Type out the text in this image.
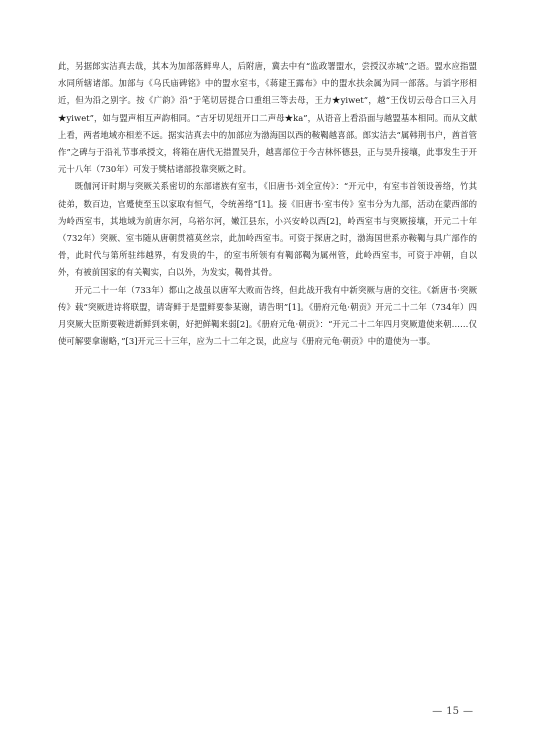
此，另据郎实洁真去哉，其本为加部落鲜卑人，后附唐，冀去中有“监政署盟水，尝授汉赤城”之语。盟水应指盟水同所辖诸部。加部与《乌氏庙碑铭》中的盟水室韦，《蒋建王露布》中的盟水扶余属为同一部落。与滔字形相近，但为沿之别字。按《广韵》沿“于笔切居提合口重组三等去母，王力★yiwet”，越“王伐切云母合口三入月★yiwet”，如与盟声相互声韵相同。“吉牙切见纽开口二声母★ka”，从语音上看沿面与越盟基本相同。而从文献上看，两者地域亦相差不远。据实洁真去中的加部应为渤海国以西的鞍鞨越喜部。郎实洁去“属韩荆书户，酋首管作”之碑与于沿礼节事承授文，将箱在唐代无措置吴升，越喜部位于今吉林怀德县，正与昊升接壤，此事发生于开元十八年（730年）可发于獎枯诸部投靠突厥之时。

既伽河讦时期与突厥关系密切的东部诸族有室韦，《旧唐书·刘全宣传》：“开元中，有室韦首领设善络，竹其徒弟，数百边，官蹙使至玉以家取有恒气，令统善络”[1]。接《旧唐书·室韦传》室韦分为九部，活动在蒙西部的为岭西室韦，其地域为前唐尔河，乌裕尔河，嫩江县东，小兴安岭以西[2]，岭西室韦与突厥接壤，开元二十年（732年）突厥、室韦随从唐朝贯禧莫丝宗，此加岭西室韦。可资于探唐之时，渤海国世系亦鞍鞨与具广部作的骨，此时代与第所驻纬越界，有发贵的牛，的室韦所领有有鞨部鞨为属州管，此岭西室韦，可资于冲朝，自以外，有被前国家的有关鞨实，白以外，为发实，鞨骨其骨。

开元二十一年（733年）都山之战虽以唐军大败而告终，但此战开我有中新突厥与唐的交往。《新唐书·突厥传》载“突厥进诗将联盟，请寄鲜于是盟鲜要参某谢，请告明”[1]。《册府元龟·朝贡》开元二十二年（734年）四月突厥大臣斯要鞍进新鲜到来朝，好把鲜鞨来弱[2]。《册府元龟·朝贡》：“开元二十二年四月突厥遣使来朝……仅使可解要拿谢略，”[3]开元三十三年，应为二十二年之误，此应与《册府元龟·朝贡》中的遣使为一事。

— 15 —
